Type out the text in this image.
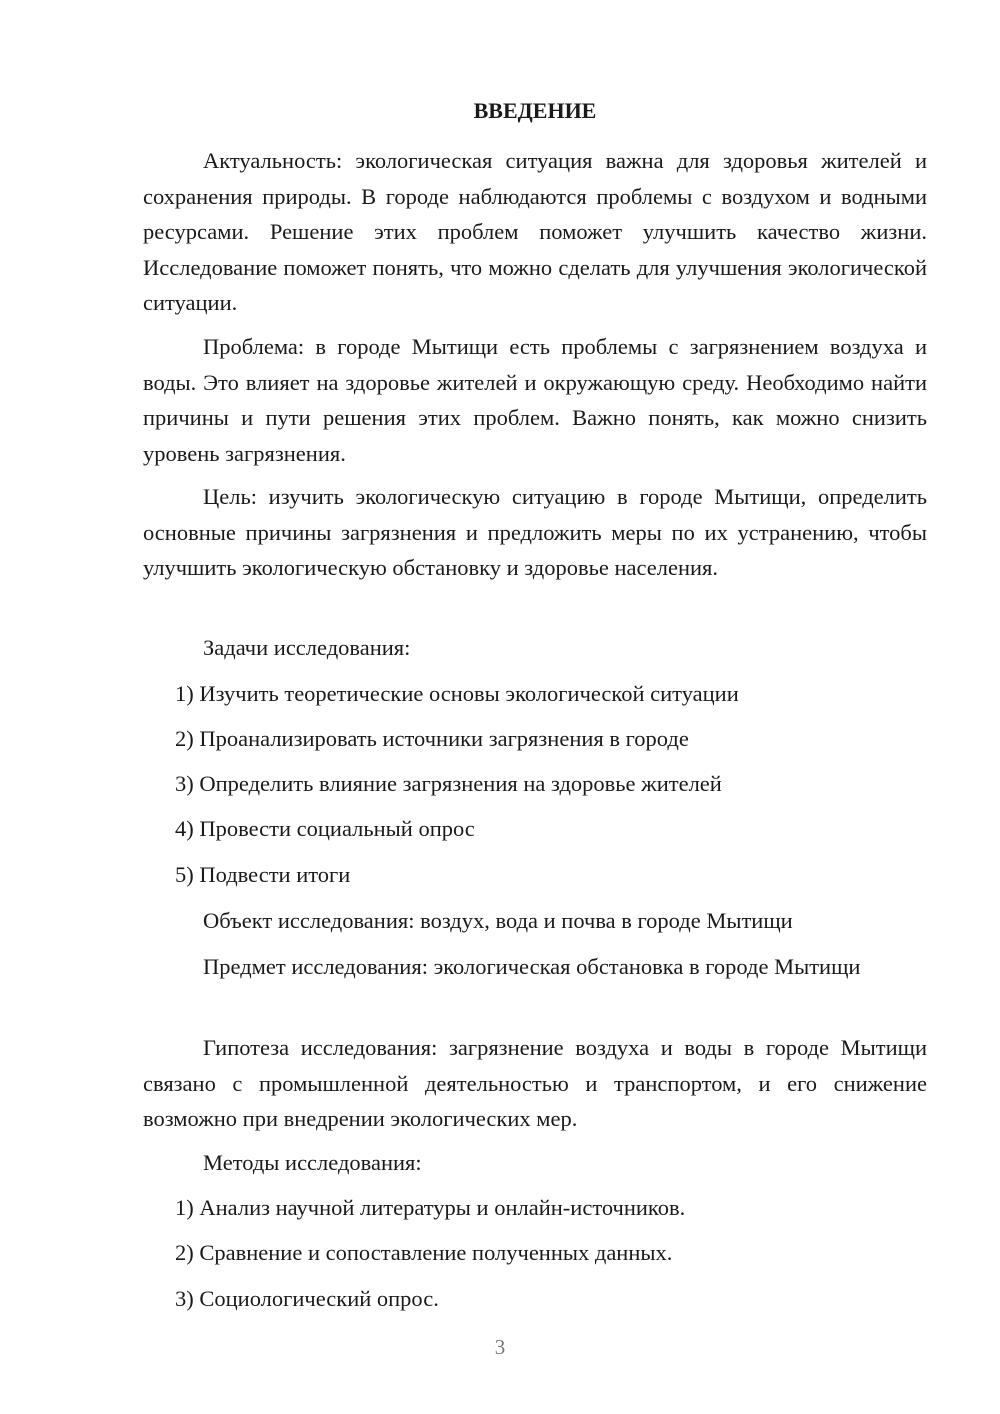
ВВЕДЕНИЕ

Актуальность: экологическая ситуация важна для здоровья жителей и сохранения природы. В городе наблюдаются проблемы с воздухом и водными ресурсами. Решение этих проблем поможет улучшить качество жизни. Исследование поможет понять, что можно сделать для улучшения экологической ситуации.

Проблема: в городе Мытищи есть проблемы с загрязнением воздуха и воды. Это влияет на здоровье жителей и окружающую среду. Необходимо найти причины и пути решения этих проблем. Важно понять, как можно снизить уровень загрязнения.

Цель: изучить экологическую ситуацию в городе Мытищи, определить основные причины загрязнения и предложить меры по их устранению, чтобы улучшить экологическую обстановку и здоровье населения.

Задачи исследования:

1) Изучить теоретические основы экологической ситуации

2) Проанализировать источники загрязнения в городе

3) Определить влияние загрязнения на здоровье жителей

4) Провести социальный опрос

5) Подвести итоги

Объект исследования: воздух, вода и почва в городе Мытищи

Предмет исследования: экологическая обстановка в городе Мытищи

Гипотеза исследования: загрязнение воздуха и воды в городе Мытищи связано с промышленной деятельностью и транспортом, и его снижение возможно при внедрении экологических мер.

Методы исследования:

1) Анализ научной литературы и онлайн-источников.

2) Сравнение и сопоставление полученных данных.

3) Социологический опрос.

3
